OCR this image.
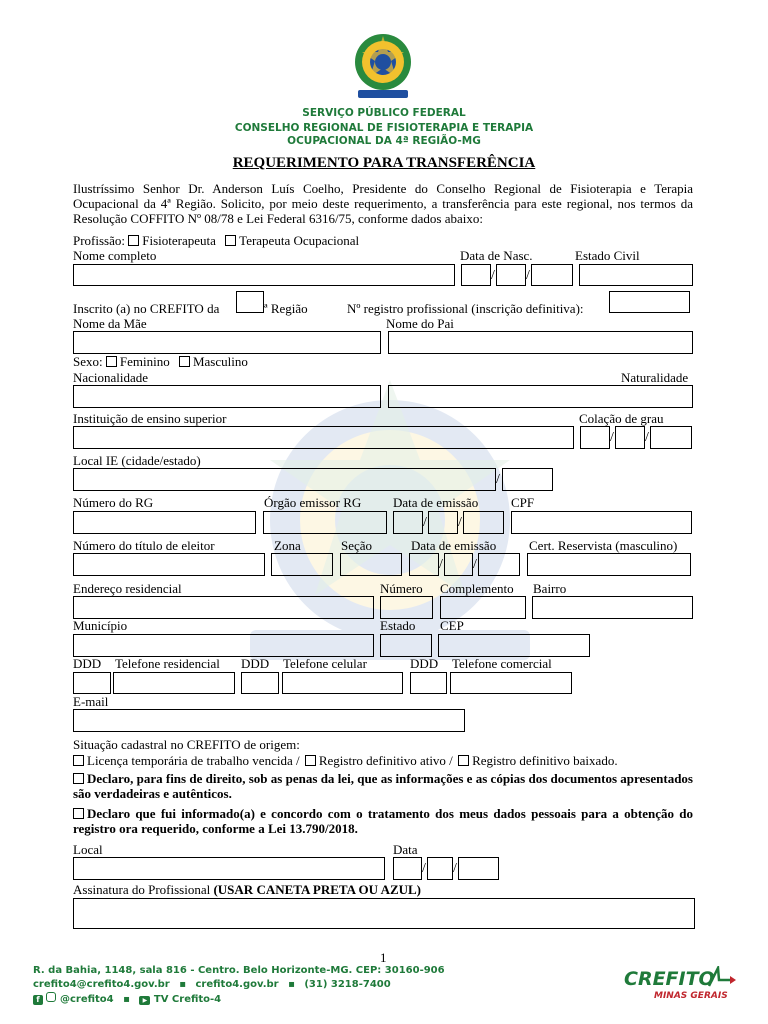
SERVIÇO PÚBLICO FEDERAL
CONSELHO REGIONAL DE FISIOTERAPIA E TERAPIA
OCUPACIONAL DA 4ª REGIÃO-MG
REQUERIMENTO PARA TRANSFERÊNCIA
Ilustríssimo Senhor Dr. Anderson Luís Coelho, Presidente do Conselho Regional de Fisioterapia e Terapia Ocupacional da 4ª Região. Solicito, por meio deste requerimento, a transferência para este regional, nos termos da Resolução COFFITO Nº 08/78 e Lei Federal 6316/75, conforme dados abaixo:
Profissão: Fisioterapeuta Terapeuta Ocupacional
Nome completo	Data de Nasc.	Estado Civil
/ /
Inscrito (a) no CREFITO da	ª Região	Nº registro profissional (inscrição definitiva):
Nome da Mãe	Nome do Pai
Sexo: Feminino Masculino
Nacionalidade	Naturalidade
Instituição de ensino superior	Colação de grau
/ /
Local IE (cidade/estado)
/
Número do RG	Órgão emissor RG Data de emissão	CPF
/ /
Número do título de eleitor	Zona	Seção	Data de emissão	Cert. Reservista (masculino)
/ /
Endereço residencial	Número Complemento Bairro
Município	Estado CEP
DDD Telefone residencial DDD Telefone celular	DDD Telefone comercial
E-mail
Situação cadastral no CREFITO de origem:
Licença temporária de trabalho vencida / Registro definitivo ativo / Registro definitivo baixado.
Declaro, para fins de direito, sob as penas da lei, que as informações e as cópias dos documentos apresentados são verdadeiras e autênticos.
Declaro que fui informado(a) e concordo com o tratamento dos meus dados pessoais para a obtenção do registro ora requerido, conforme a Lei 13.790/2018.
Local	Data
/ /
Assinatura do Profissional (USAR CANETA PRETA OU AZUL)
1
R. da Bahia, 1148, sala 816 - Centro. Belo Horizonte-MG. CEP: 30160-906
crefito4@crefito4.gov.br ▪ crefito4.gov.br ▪ (31) 3218-7400
f @crefito4 ▪ ▶ TV Crefito-4
CREFITO
MINAS GERAIS
